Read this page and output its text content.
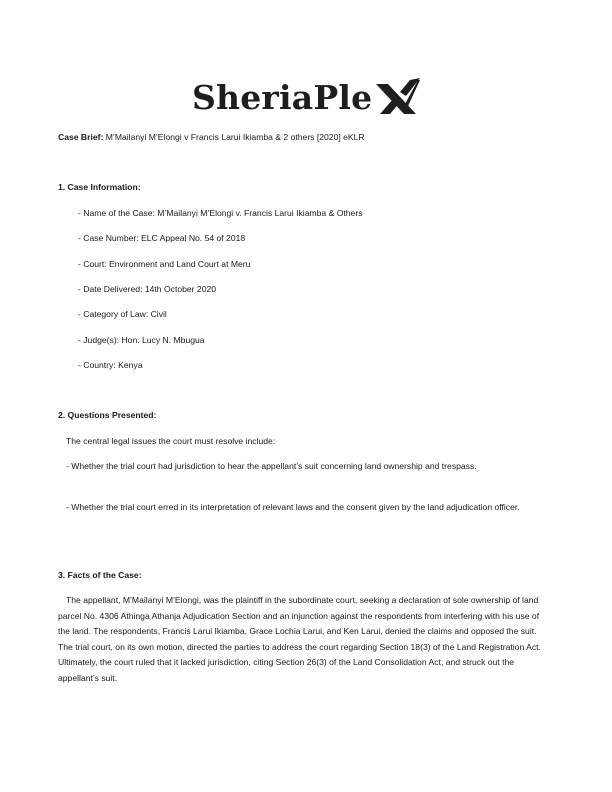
SheriaPle
Case Brief: M’Mailanyi M’Elongi v Francis Larui Ikiamba & 2 others [2020] eKLR
1. Case Information:
- Name of the Case: M’Mailanyi M’Elongi v. Francis Larui Ikiamba & Others
- Case Number: ELC Appeal No. 54 of 2018
- Court: Environment and Land Court at Meru
- Date Delivered: 14th October 2020
- Category of Law: Civil
- Judge(s): Hon. Lucy N. Mbugua
- Country: Kenya
2. Questions Presented:
The central legal issues the court must resolve include:
- Whether the trial court had jurisdiction to hear the appellant’s suit concerning land ownership and trespass.
- Whether the trial court erred in its interpretation of relevant laws and the consent given by the land adjudication officer.
3. Facts of the Case:
The appellant, M’Mailanyi M’Elongi, was the plaintiff in the subordinate court, seeking a declaration of sole ownership of land parcel No. 4306 Athinga Athanja Adjudication Section and an injunction against the respondents from interfering with his use of the land. The respondents, Francis Larui Ikiamba, Grace Lochia Larui, and Ken Larui, denied the claims and opposed the suit. The trial court, on its own motion, directed the parties to address the court regarding Section 18(3) of the Land Registration Act. Ultimately, the court ruled that it lacked jurisdiction, citing Section 26(3) of the Land Consolidation Act, and struck out the appellant’s suit.
